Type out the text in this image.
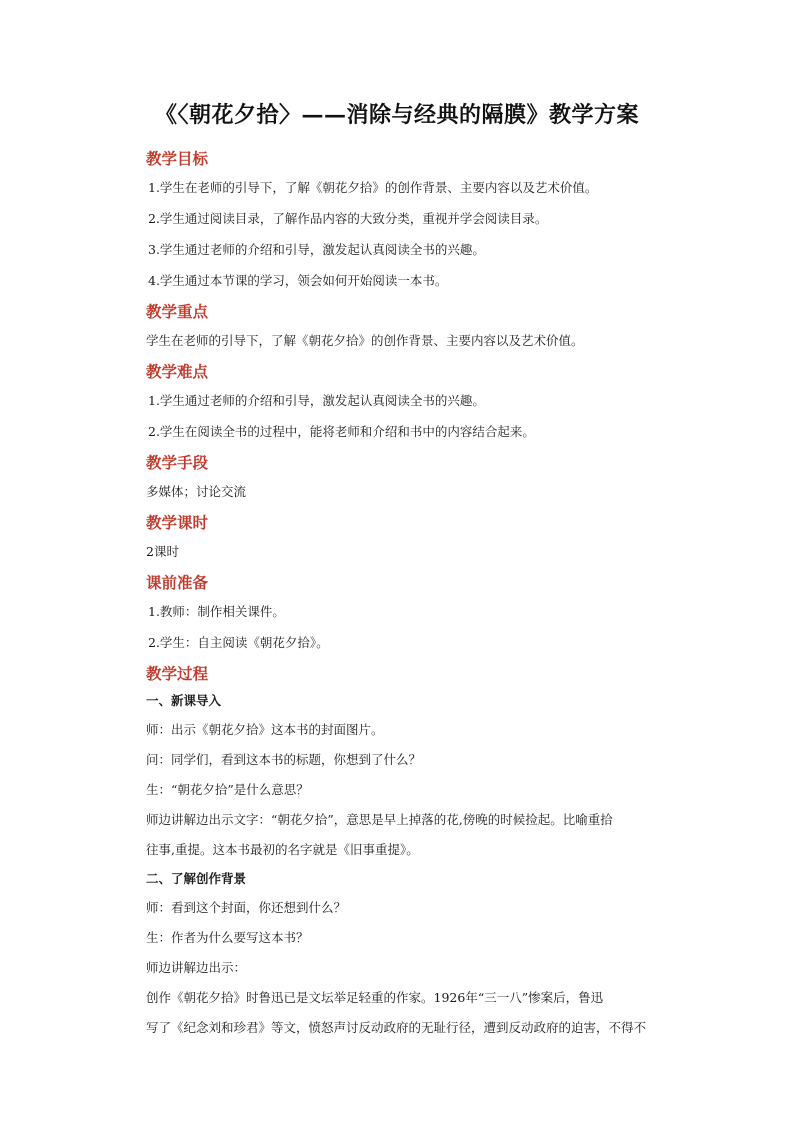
《〈朝花夕拾〉——消除与经典的隔膜》教学方案
教学目标
1.学生在老师的引导下，了解《朝花夕拾》的创作背景、主要内容以及艺术价值。
2.学生通过阅读目录，了解作品内容的大致分类，重视并学会阅读目录。
3.学生通过老师的介绍和引导，激发起认真阅读全书的兴趣。
4.学生通过本节课的学习，领会如何开始阅读一本书。
教学重点
学生在老师的引导下，了解《朝花夕拾》的创作背景、主要内容以及艺术价值。
教学难点
1.学生通过老师的介绍和引导，激发起认真阅读全书的兴趣。
2.学生在阅读全书的过程中，能将老师和介绍和书中的内容结合起来。
教学手段
多媒体；讨论交流
教学课时
2课时
课前准备
1.教师：制作相关课件。
2.学生：自主阅读《朝花夕拾》。
教学过程
一、新课导入
师：出示《朝花夕拾》这本书的封面图片。
问：同学们，看到这本书的标题，你想到了什么？
生：“朝花夕拾”是什么意思？
师边讲解边出示文字：“朝花夕拾”，意思是早上掉落的花,傍晚的时候捡起。比喻重拾
往事,重提。这本书最初的名字就是《旧事重提》。
二、了解创作背景
师：看到这个封面，你还想到什么？
生：作者为什么要写这本书？
师边讲解边出示：
创作《朝花夕拾》时鲁迅已是文坛举足轻重的作家。1926年“三一八”惨案后，鲁迅
写了《纪念刘和珍君》等文，愤怒声讨反动政府的无耻行径，遭到反动政府的迫害，不得不
